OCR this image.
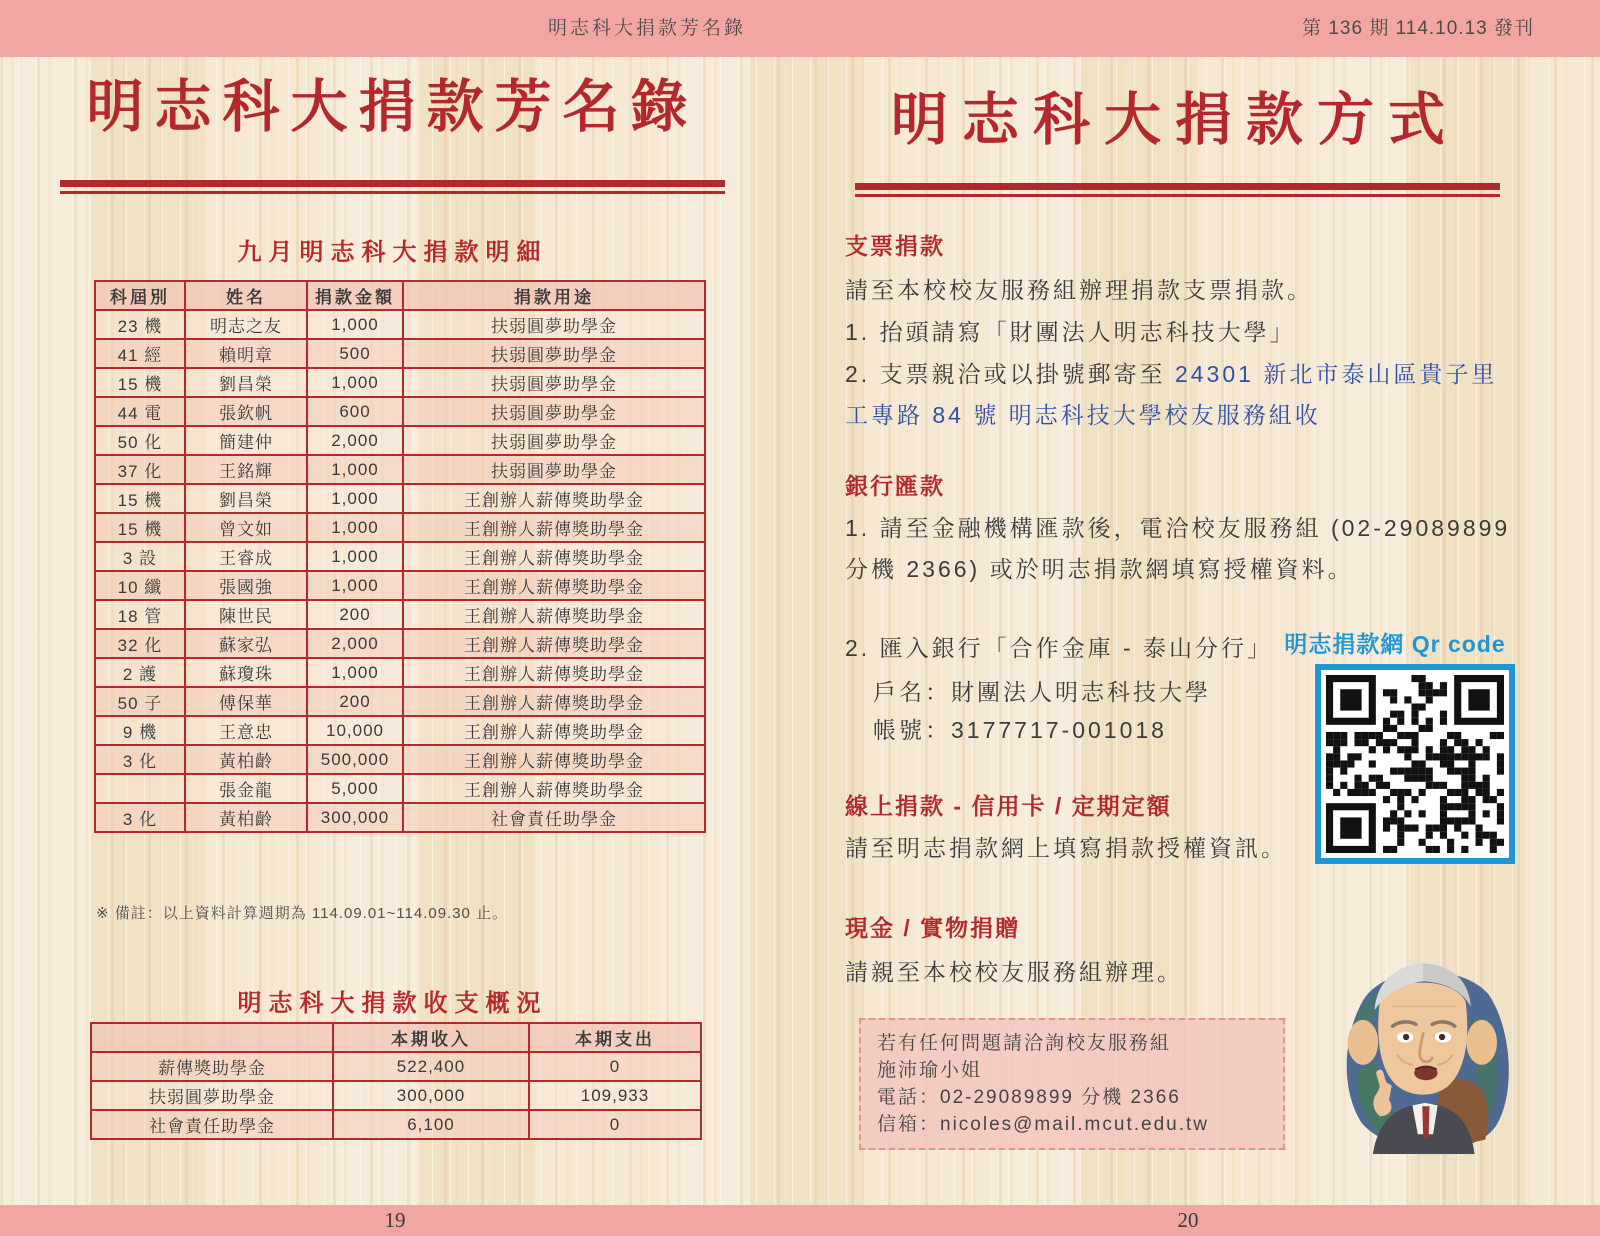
明志科大捐款芳名錄	第 136 期 114.10.13 發刊
明志科大捐款芳名錄
九月明志科大捐款明細
科屆別	姓名	捐款金額	捐款用途
23 機	明志之友	1,000	扶弱圓夢助學金
41 經	賴明章	500	扶弱圓夢助學金
15 機	劉昌榮	1,000	扶弱圓夢助學金
44 電	張欽帆	600	扶弱圓夢助學金
50 化	簡建仲	2,000	扶弱圓夢助學金
37 化	王銘輝	1,000	扶弱圓夢助學金
15 機	劉昌榮	1,000	王創辦人薪傳獎助學金
15 機	曾文如	1,000	王創辦人薪傳獎助學金
3 設	王睿成	1,000	王創辦人薪傳獎助學金
10 纖	張國強	1,000	王創辦人薪傳獎助學金
18 管	陳世民	200	王創辦人薪傳獎助學金
32 化	蘇家弘	2,000	王創辦人薪傳獎助學金
2 護	蘇瓊珠	1,000	王創辦人薪傳獎助學金
50 子	傅保華	200	王創辦人薪傳獎助學金
9 機	王意忠	10,000	王創辦人薪傳獎助學金
3 化	黃柏齡	500,000	王創辦人薪傳獎助學金
	張金龍	5,000	王創辦人薪傳獎助學金
3 化	黃柏齡	300,000	社會責任助學金
※ 備註：以上資料計算週期為 114.09.01~114.09.30 止。
明志科大捐款收支概況
	本期收入	本期支出
薪傳獎助學金	522,400	0
扶弱圓夢助學金	300,000	109,933
社會責任助學金	6,100	0
明志科大捐款方式
支票捐款
請至本校校友服務組辦理捐款支票捐款。
1. 抬頭請寫「財團法人明志科技大學」
2. 支票親洽或以掛號郵寄至 24301 新北市泰山區貴子里工專路 84 號 明志科技大學校友服務組收
銀行匯款
1. 請至金融機構匯款後，電洽校友服務組 (02-29089899 分機 2366) 或於明志捐款網填寫授權資料。
2. 匯入銀行「合作金庫 - 泰山分行」
戶名：財團法人明志科技大學
帳號：3177717-001018
明志捐款網 Qr code
線上捐款 - 信用卡 / 定期定額
請至明志捐款網上填寫捐款授權資訊。
現金 / 實物捐贈
請親至本校校友服務組辦理。
若有任何問題請洽詢校友服務組
施沛瑜小姐
電話：02-29089899 分機 2366
信箱：nicoles@mail.mcut.edu.tw
19	20
